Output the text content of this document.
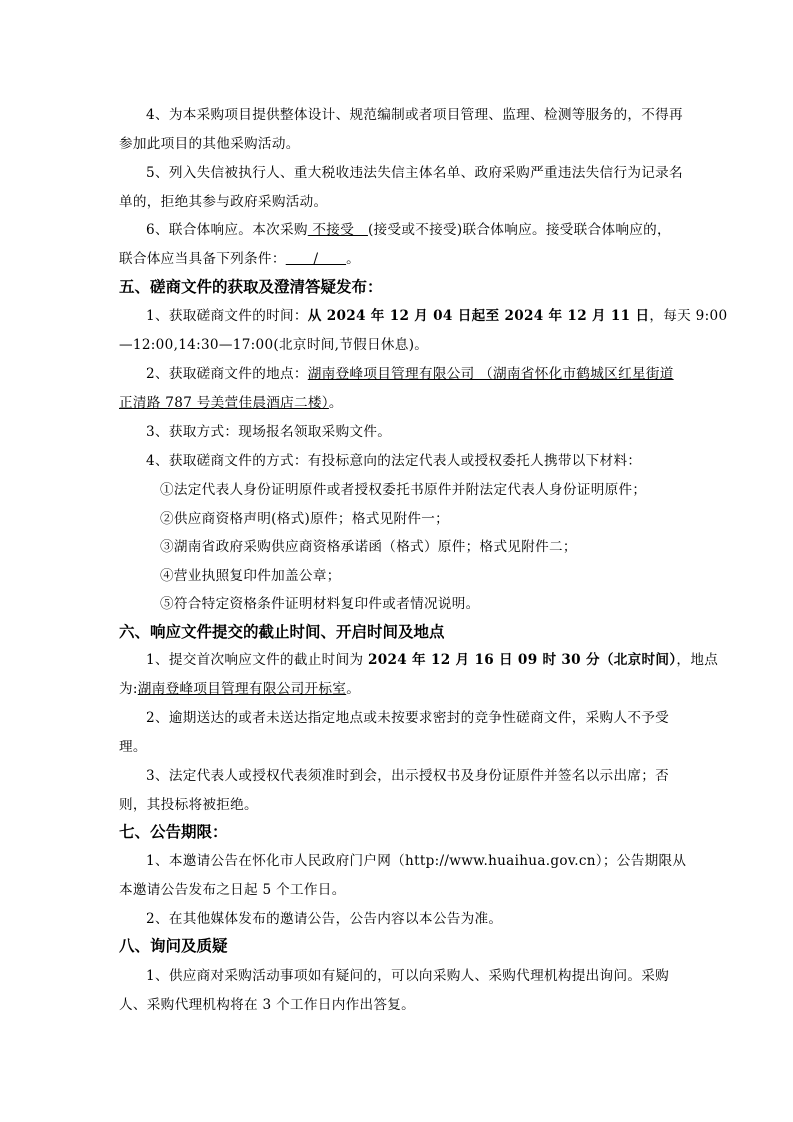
4、为本采购项目提供整体设计、规范编制或者项目管理、监理、检测等服务的，不得再
参加此项目的其他采购活动。
5、列入失信被执行人、重大税收违法失信主体名单、政府采购严重违法失信行为记录名
单的，拒绝其参与政府采购活动。
6、联合体响应。本次采购 不接受   (接受或不接受)联合体响应。接受联合体响应的，
联合体应当具备下列条件：      /      。
五、磋商文件的获取及澄清答疑发布：
1、获取磋商文件的时间：从 2024 年 12 月 04 日起至 2024 年 12 月 11 日，每天 9:00
—12:00,14:30—17:00(北京时间,节假日休息)。
2、获取磋商文件的地点：湖南登峰项目管理有限公司 （湖南省怀化市鹤城区红星街道
正清路 787 号美萱佳晨酒店二楼）。
3、获取方式：现场报名领取采购文件。
4、获取磋商文件的方式：有投标意向的法定代表人或授权委托人携带以下材料：
①法定代表人身份证明原件或者授权委托书原件并附法定代表人身份证明原件；
②供应商资格声明(格式)原件；格式见附件一；
③湖南省政府采购供应商资格承诺函（格式）原件；格式见附件二；
④营业执照复印件加盖公章；
⑤符合特定资格条件证明材料复印件或者情况说明。
六、响应文件提交的截止时间、开启时间及地点
1、提交首次响应文件的截止时间为 2024 年 12 月 16 日 09 时 30 分（北京时间），地点
为:湖南登峰项目管理有限公司开标室。
2、逾期送达的或者未送达指定地点或未按要求密封的竞争性磋商文件，采购人不予受
理。
3、法定代表人或授权代表须准时到会，出示授权书及身份证原件并签名以示出席；否
则，其投标将被拒绝。
七、公告期限：
1、本邀请公告在怀化市人民政府门户网（http://www.huaihua.gov.cn）；公告期限从
本邀请公告发布之日起 5 个工作日。
2、在其他媒体发布的邀请公告，公告内容以本公告为准。
八、询问及质疑
1、供应商对采购活动事项如有疑问的，可以向采购人、采购代理机构提出询问。采购
人、采购代理机构将在 3 个工作日内作出答复。
